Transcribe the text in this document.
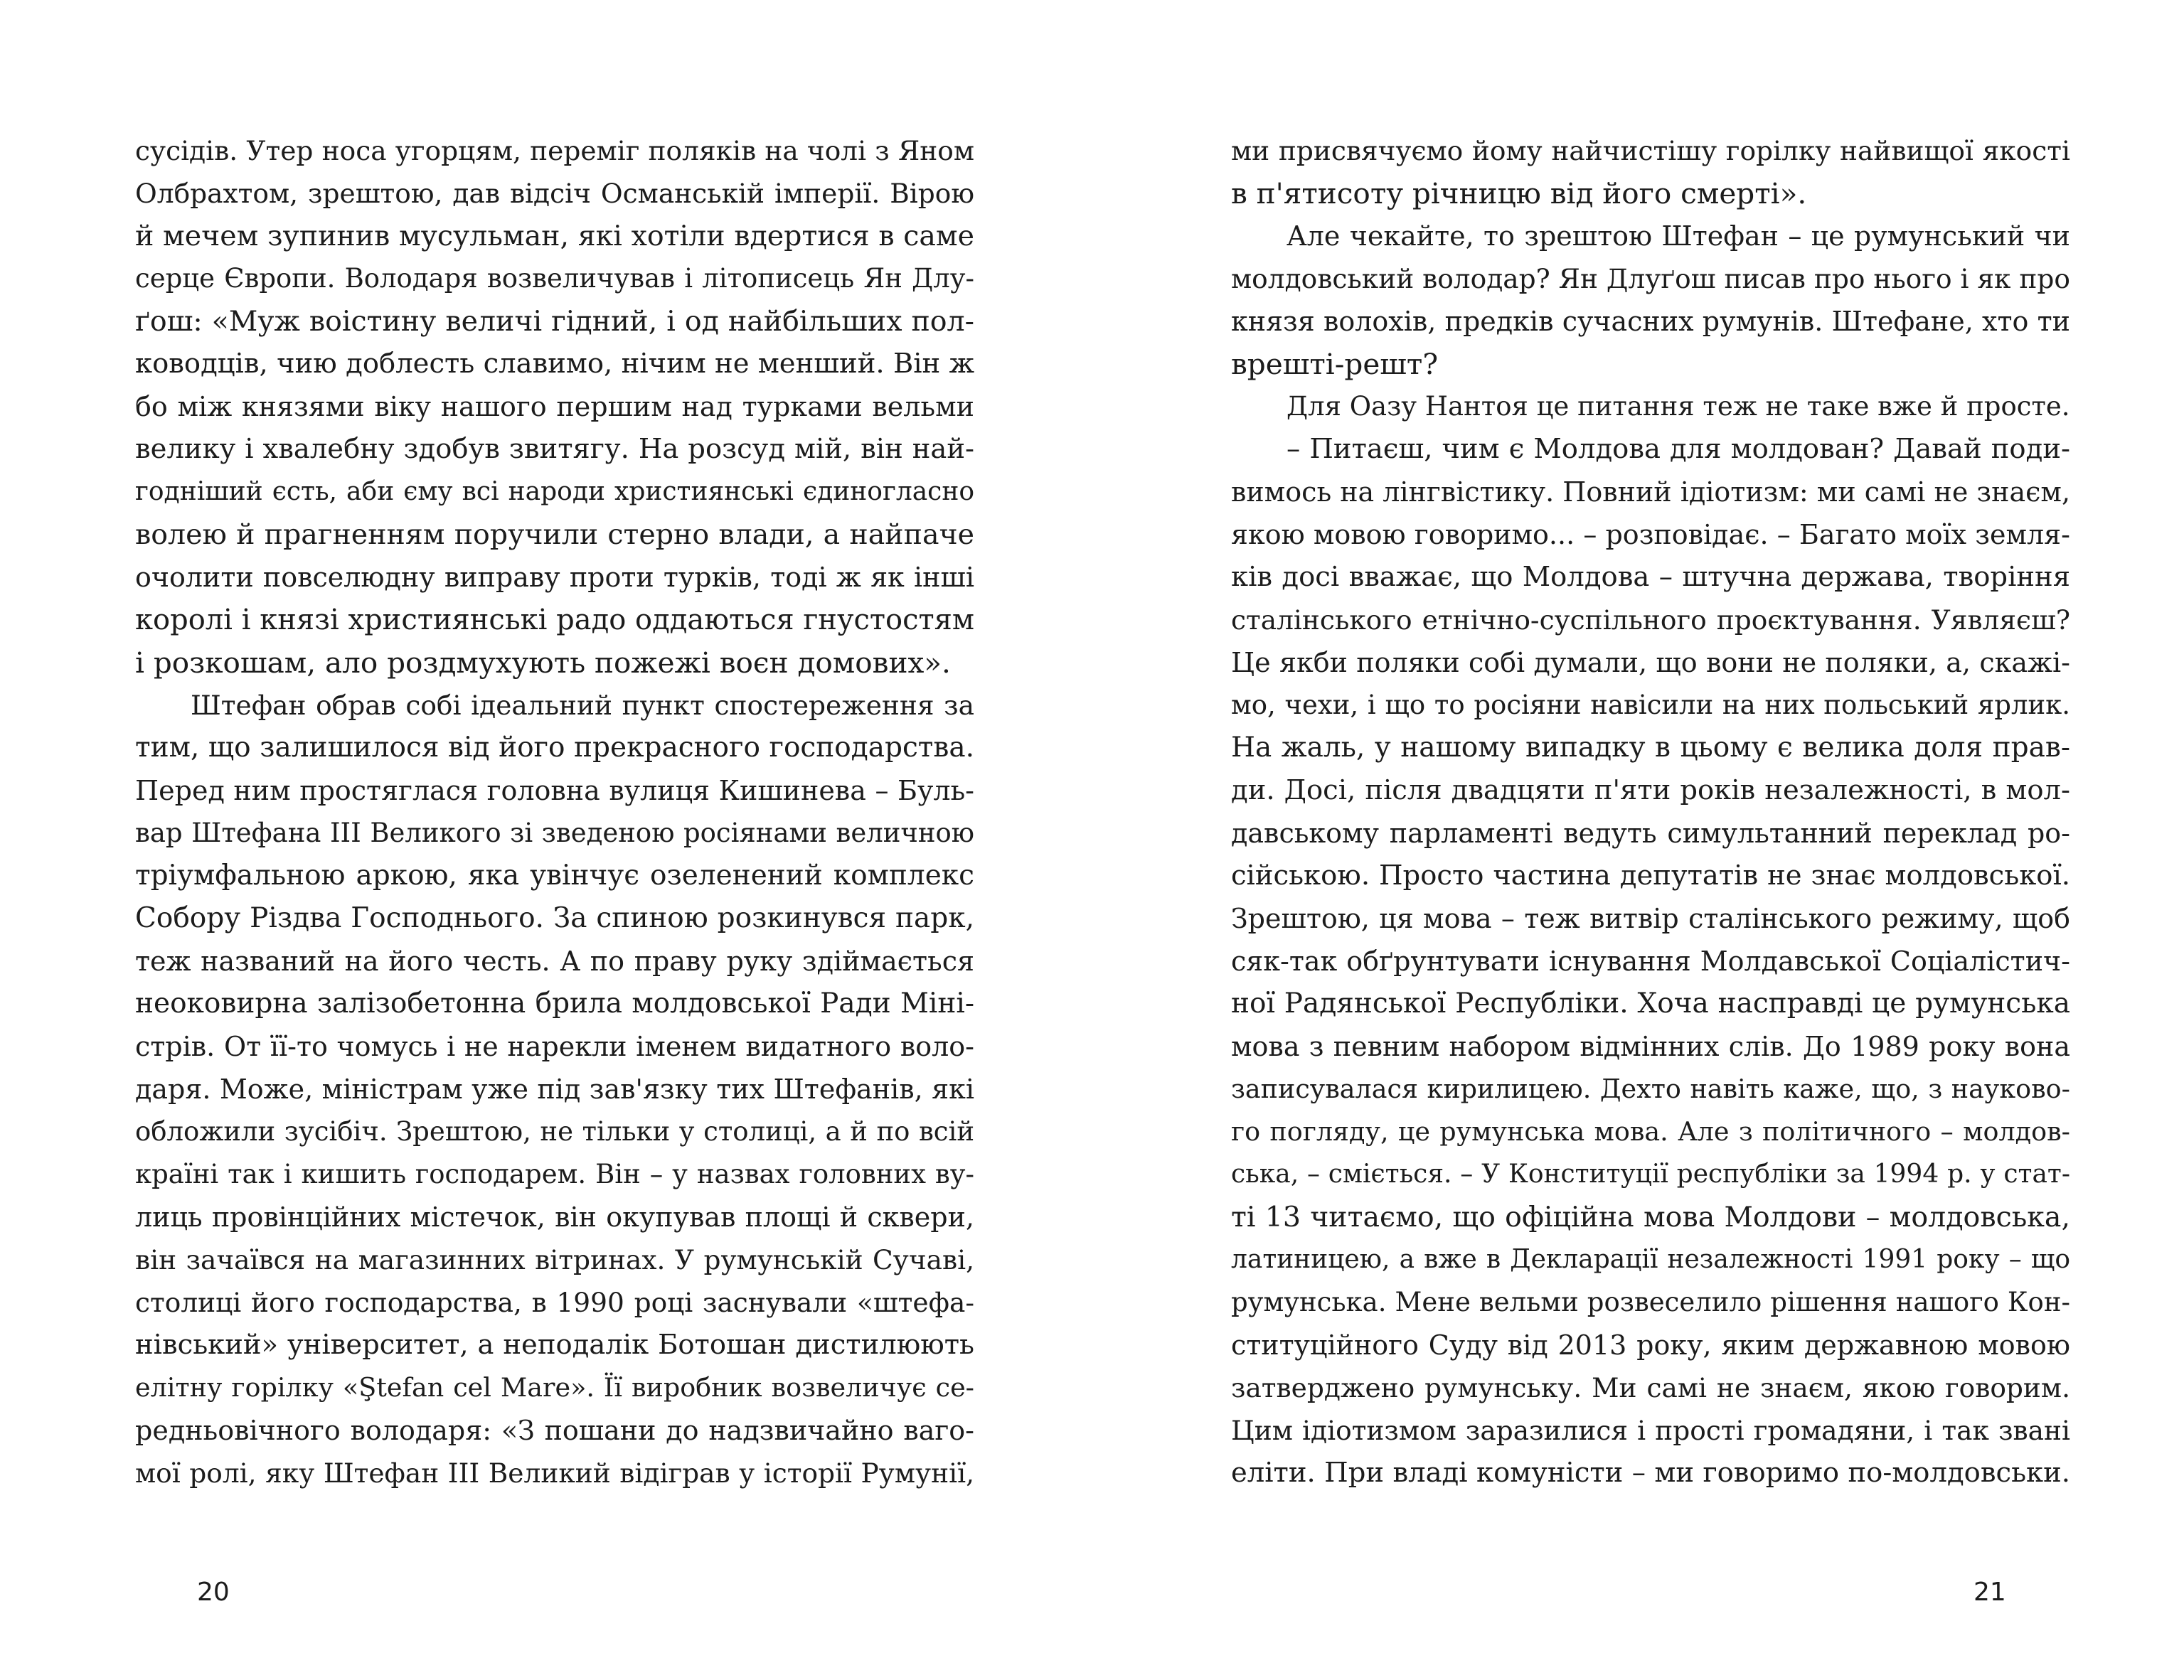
сусідів. Утер носа угорцям, переміг поляків на чолі з Яном
Олбрахтом, зрештою, дав відсіч Османській імперії. Вірою
й мечем зупинив мусульман, які хотіли вдертися в саме
серце Європи. Володаря возвеличував і літописець Ян Длу-
ґош: «Муж воістину величі гідний, і од найбільших пол-
ководців, чию доблесть славимо, нічим не менший. Він ж
бо між князями віку нашого першим над турками вельми
велику і хвалебну здобув звитягу. На розсуд мій, він най-
годніший єсть, аби єму всі народи християнські єдиногласно
волею й прагненням поручили стерно влади, а найпаче
очолити повселюдну виправу проти турків, тоді ж як інші
королі і князі християнські радо оддаються гнустостям
і розкошам, ало роздмухують пожежі воєн домових».
Штефан обрав собі ідеальний пункт спостереження за
тим, що залишилося від його прекрасного господарства.
Перед ним простяглася головна вулиця Кишинева – Буль-
вар Штефана III Великого зі зведеною росіянами величною
тріумфальною аркою, яка увінчує озеленений комплекс
Собору Різдва Господнього. За спиною розкинувся парк,
теж названий на його честь. А по праву руку здіймається
неоковирна залізобетонна брила молдовської Ради Міні-
стрів. От її-то чомусь і не нарекли іменем видатного воло-
даря. Може, міністрам уже під зав'язку тих Штефанів, які
обложили зусібіч. Зрештою, не тільки у столиці, а й по всій
країні так і кишить господарем. Він – у назвах головних ву-
лиць провінційних містечок, він окупував площі й сквери,
він зачаївся на магазинних вітринах. У румунській Сучаві,
столиці його господарства, в 1990 році заснували «штефа-
нівський» університет, а неподалік Ботошан дистилюють
елітну горілку «Ştefan cel Mare». Її виробник возвеличує се-
редньовічного володаря: «З пошани до надзвичайно ваго-
мої ролі, яку Штефан III Великий відіграв у історії Румунії,
20
ми присвячуємо йому найчистішу горілку найвищої якості
в п'ятисоту річницю від його смерті».
Але чекайте, то зрештою Штефан – це румунський чи
молдовський володар? Ян Длуґош писав про нього і як про
князя волохів, предків сучасних румунів. Штефане, хто ти
врешті-решт?
Для Оазу Нантоя це питання теж не таке вже й просте.
– Питаєш, чим є Молдова для молдован? Давай поди-
вимось на лінгвістику. Повний ідіотизм: ми самі не знаєм,
якою мовою говоримо... – розповідає. – Багато моїх земля-
ків досі вважає, що Молдова – штучна держава, творіння
сталінського етнічно-суспільного проєктування. Уявляєш?
Це якби поляки собі думали, що вони не поляки, а, скажі-
мо, чехи, і що то росіяни навісили на них польський ярлик.
На жаль, у нашому випадку в цьому є велика доля прав-
ди. Досі, після двадцяти п'яти років незалежності, в мол-
давському парламенті ведуть симультанний переклад ро-
сійською. Просто частина депутатів не знає молдовської.
Зрештою, ця мова – теж витвір сталінського режиму, щоб
сяк-так обґрунтувати існування Молдавської Соціалістич-
ної Радянської Республіки. Хоча насправді це румунська
мова з певним набором відмінних слів. До 1989 року вона
записувалася кирилицею. Дехто навіть каже, що, з науково-
го погляду, це румунська мова. Але з політичного – молдов-
ська, – сміється. – У Конституції республіки за 1994 р. у стат-
ті 13 читаємо, що офіційна мова Молдови – молдовська,
латиницею, а вже в Декларації незалежності 1991 року – що
румунська. Мене вельми розвеселило рішення нашого Кон-
ституційного Суду від 2013 року, яким державною мовою
затверджено румунську. Ми самі не знаєм, якою говорим.
Цим ідіотизмом заразилися і прості громадяни, і так звані
еліти. При владі комуністи – ми говоримо по-молдовськи.
21
